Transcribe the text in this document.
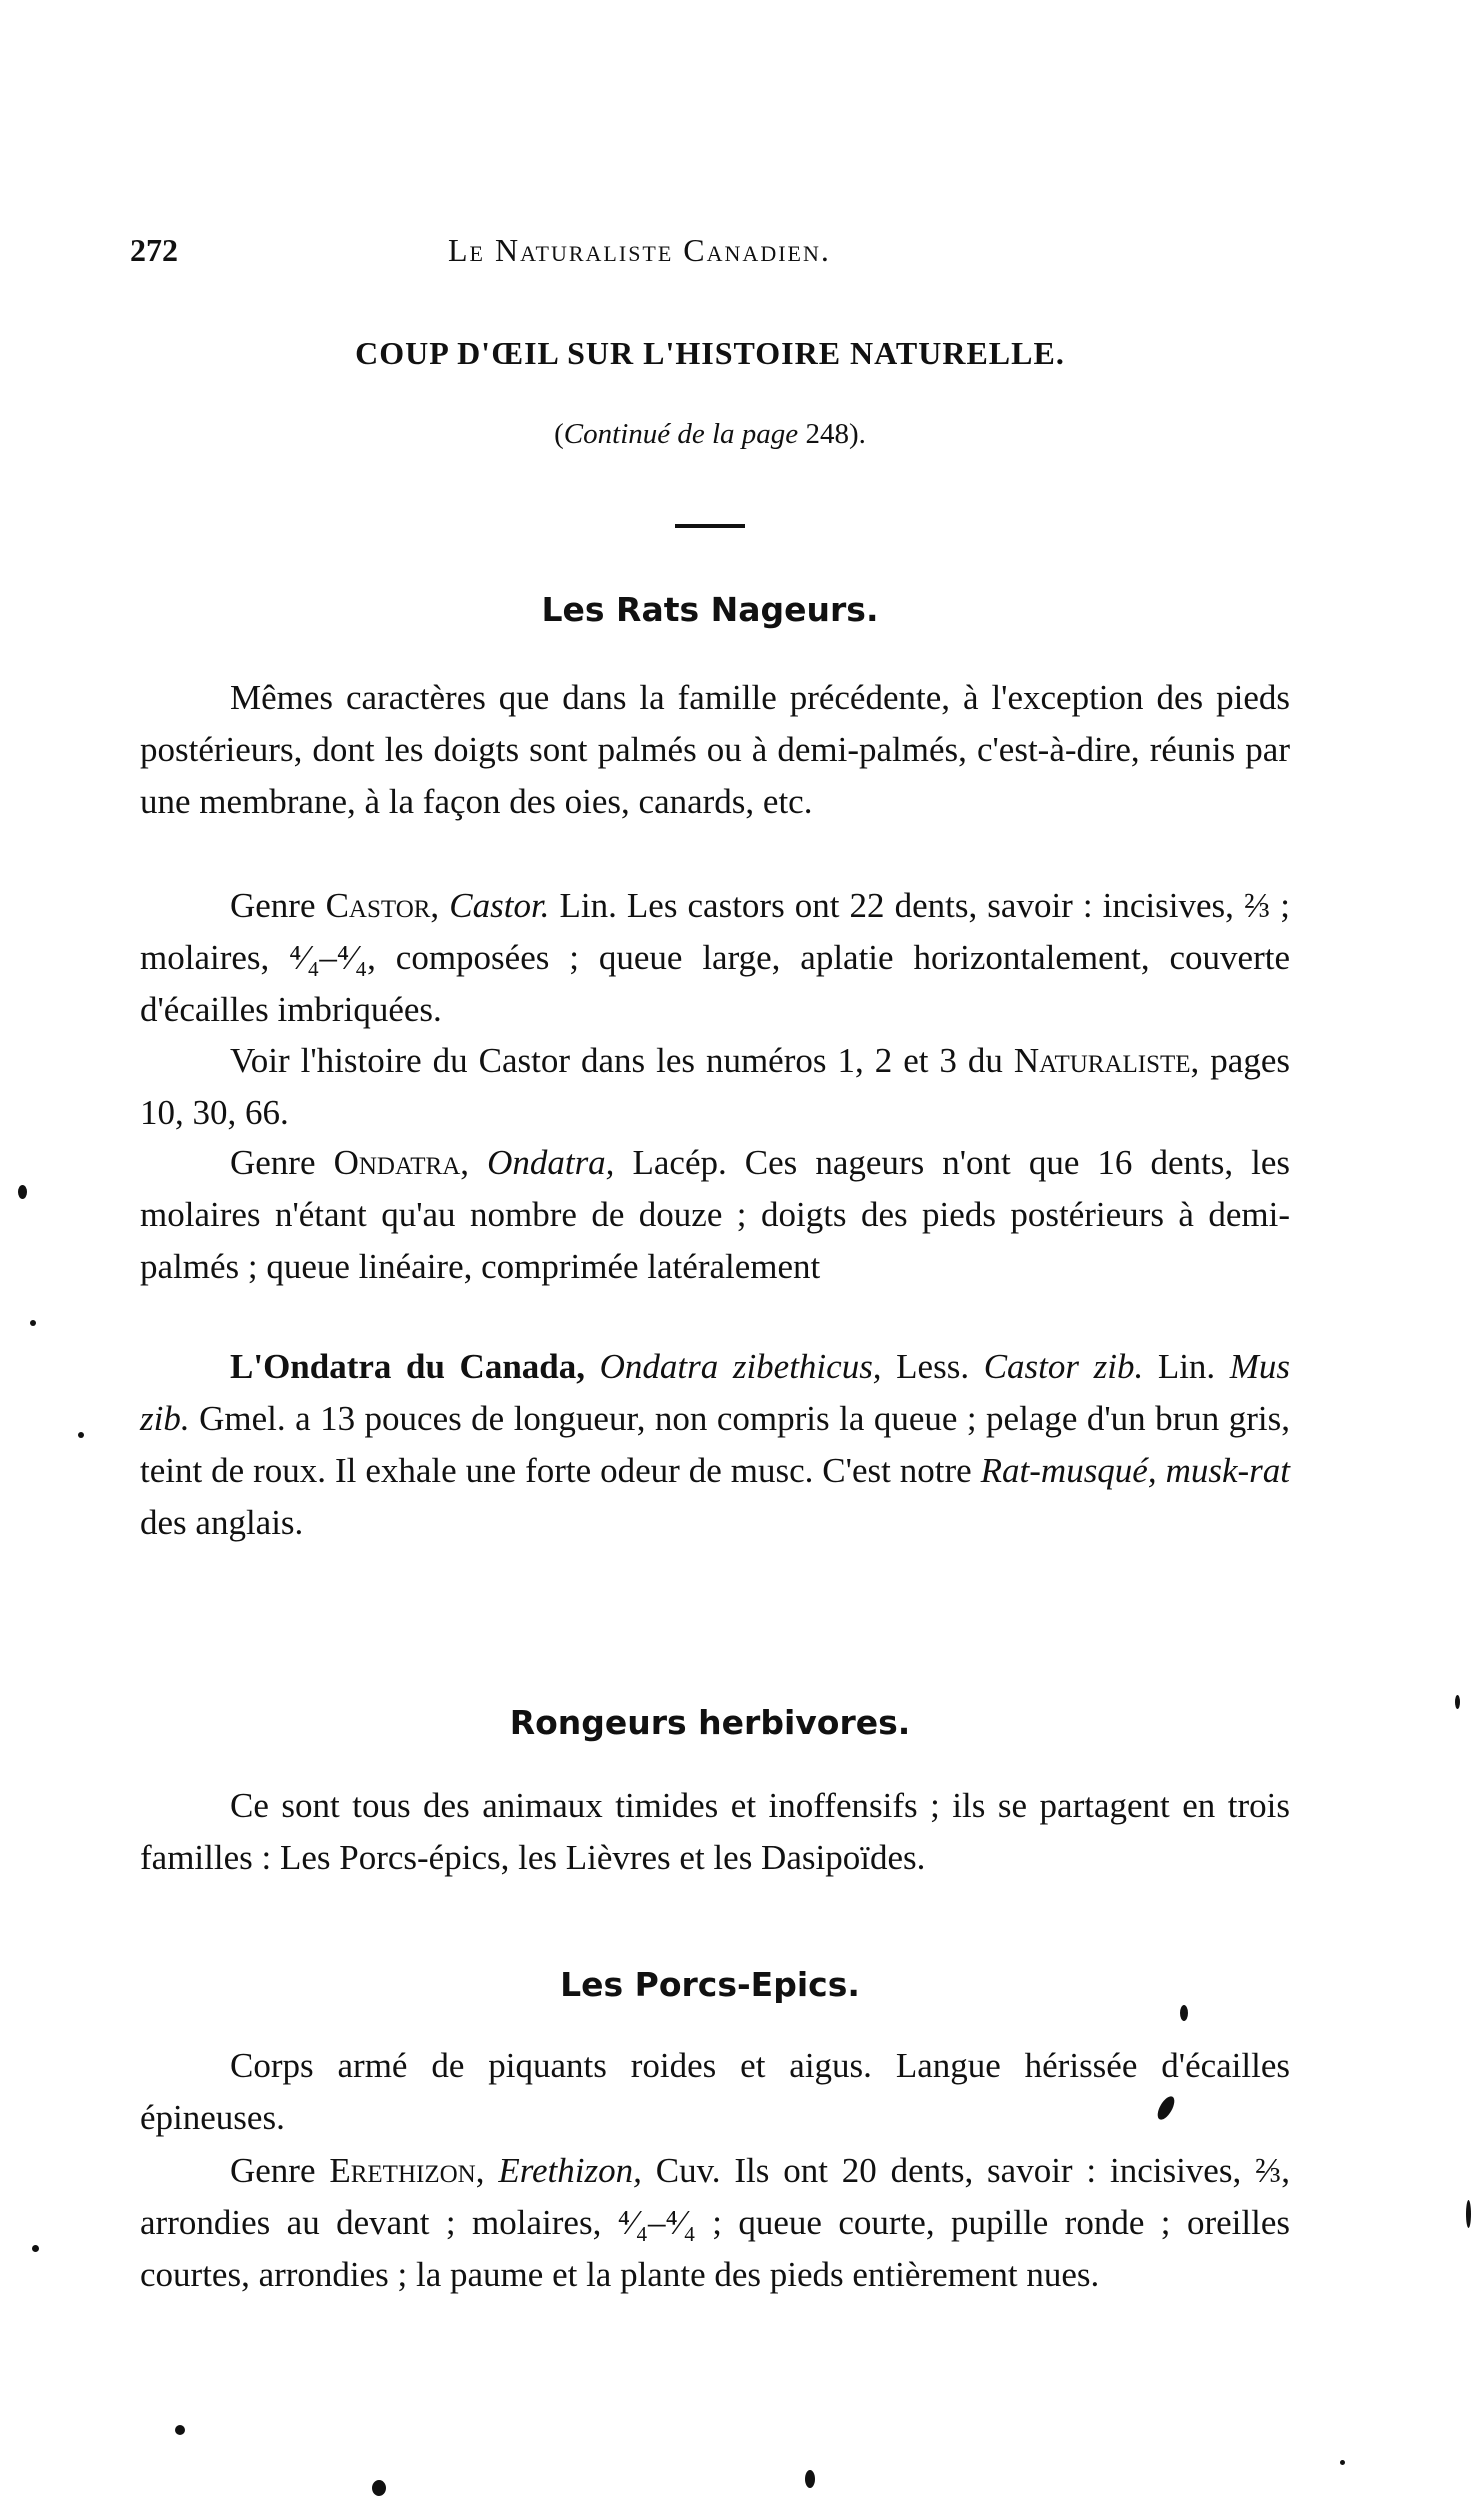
272	Le Naturaliste Canadien.
COUP D'ŒIL SUR L'HISTOIRE NATURELLE.
(Continué de la page 248).
Les Rats Nageurs.
Mêmes caractères que dans la famille précédente, à l'exception des pieds postérieurs, dont les doigts sont palmés ou à demi-palmés, c'est-à-dire, réunis par une membrane, à la façon des oies, canards, etc.
Genre Castor, Castor. Lin. Les castors ont 22 dents, savoir : incisives, ⅔ ; molaires, ⁴⁄₄–⁴⁄₄, composées ; queue large, aplatie horizontalement, couverte d'écailles imbriquées.
Voir l'histoire du Castor dans les numéros 1, 2 et 3 du Naturaliste, pages 10, 30, 66.
Genre Ondatra, Ondatra, Lacép. Ces nageurs n'ont que 16 dents, les molaires n'étant qu'au nombre de douze ; doigts des pieds postérieurs à demi-palmés ; queue linéaire, comprimée latéralement
L'Ondatra du Canada, Ondatra zibethicus, Less. Castor zib. Lin. Mus zib. Gmel. a 13 pouces de longueur, non compris la queue ; pelage d'un brun gris, teint de roux. Il exhale une forte odeur de musc. C'est notre Rat-musqué, musk-rat des anglais.
Rongeurs herbivores.
Ce sont tous des animaux timides et inoffensifs ; ils se partagent en trois familles : Les Porcs-épics, les Lièvres et les Dasipoïdes.
Les Porcs-Epics.
Corps armé de piquants roides et aigus. Langue hérissée d'écailles épineuses.
Genre Erethizon, Erethizon, Cuv. Ils ont 20 dents, savoir : incisives, ⅔, arrondies au devant ; molaires, ⁴⁄₄–⁴⁄₄ ; queue courte, pupille ronde ; oreilles courtes, arrondies ; la paume et la plante des pieds entièrement nues.
